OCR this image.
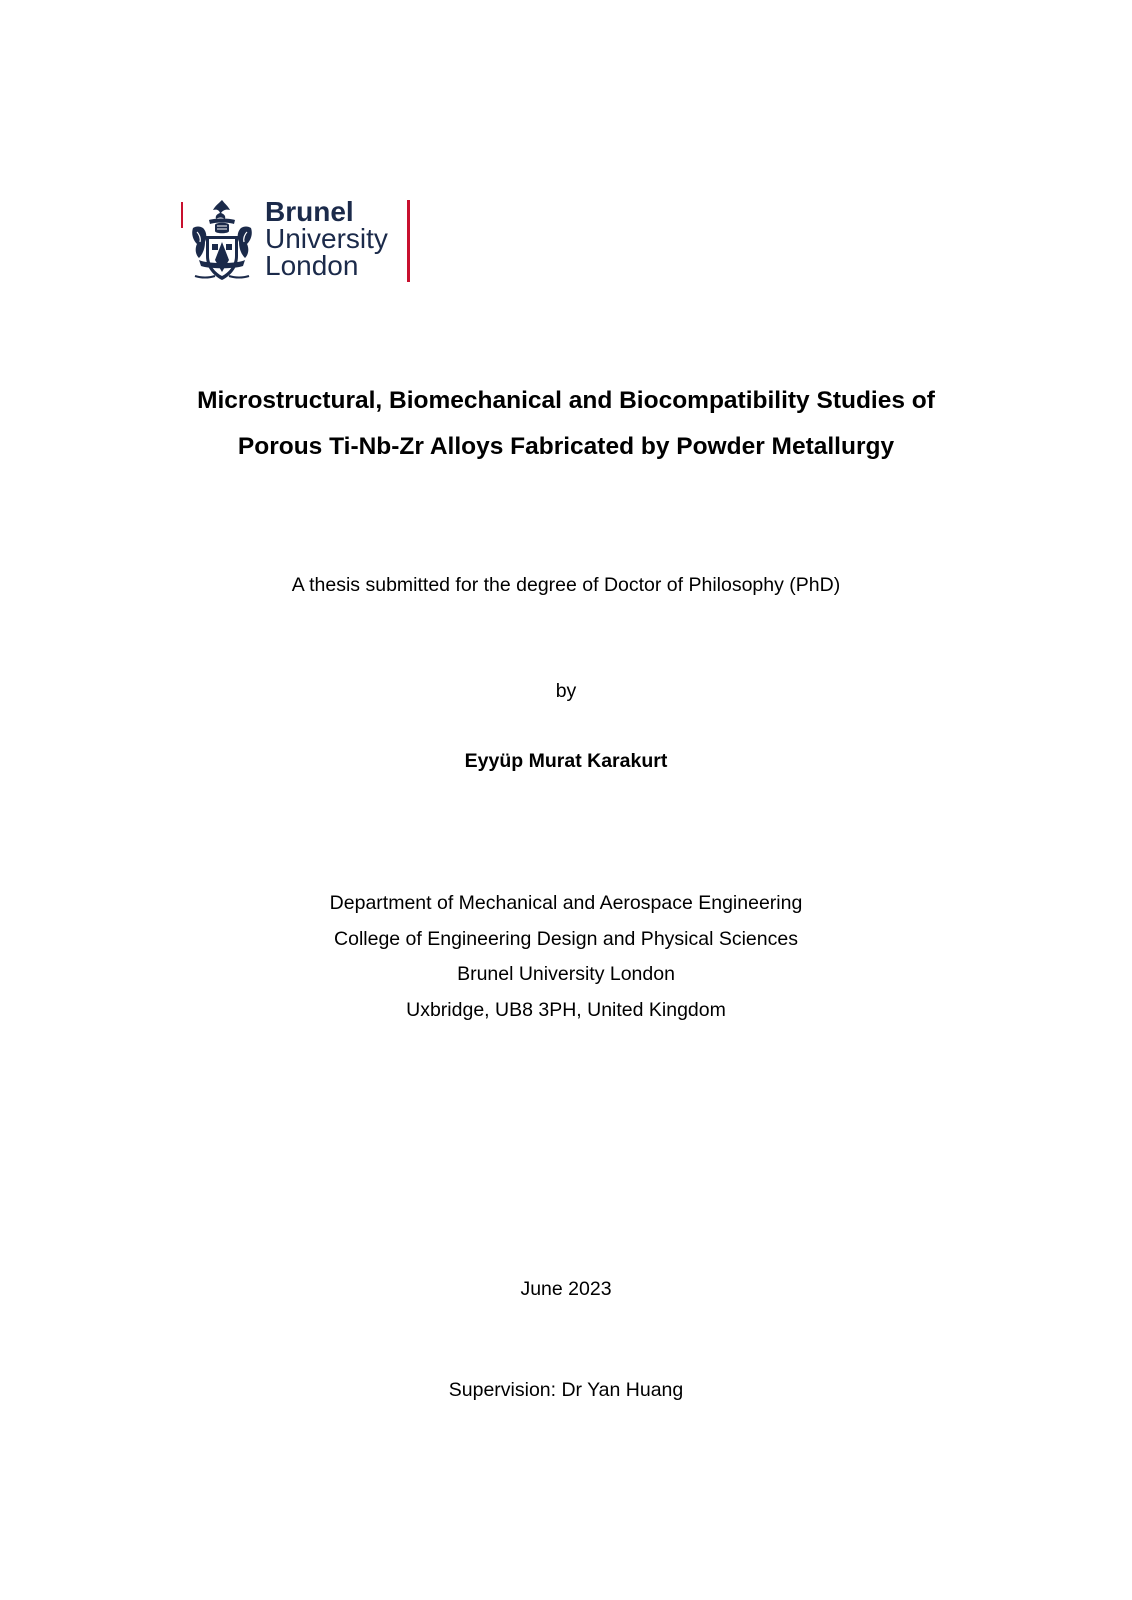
Brunel
University
London
Microstructural, Biomechanical and Biocompatibility Studies of
Porous Ti-Nb-Zr Alloys Fabricated by Powder Metallurgy
A thesis submitted for the degree of Doctor of Philosophy (PhD)
by
Eyyüp Murat Karakurt
Department of Mechanical and Aerospace Engineering
College of Engineering Design and Physical Sciences
Brunel University London
Uxbridge, UB8 3PH, United Kingdom
June 2023
Supervision: Dr Yan Huang
